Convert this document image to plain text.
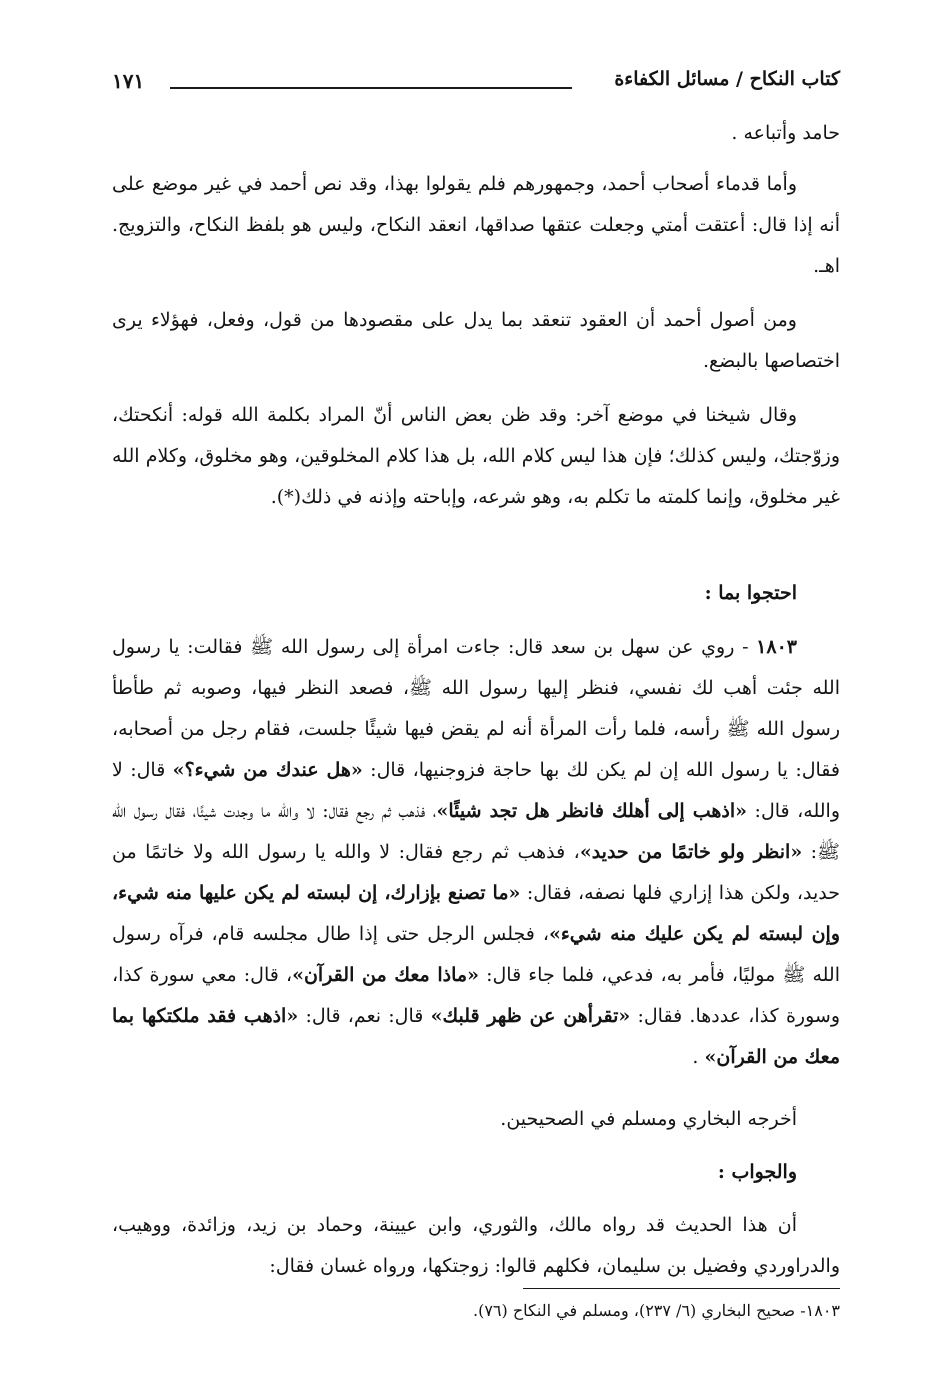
كتاب النكاح / مسائل الكفاءة
١٧١

حامد وأتباعه .

وأما قدماء أصحاب أحمد، وجمهورهم فلم يقولوا بهذا، وقد نص أحمد في غير موضع على أنه إذا قال: أعتقت أمتي وجعلت عتقها صداقها، انعقد النكاح، وليس هو بلفظ النكاح، والتزويج. اهـ.

ومن أصول أحمد أن العقود تنعقد بما يدل على مقصودها من قول، وفعل، فهؤلاء يرى اختصاصها بالبضع.

وقال شيخنا في موضع آخر: وقد ظن بعض الناس أنّ المراد بكلمة الله قوله: أنكحتك، وزوّجتك، وليس كذلك؛ فإن هذا ليس كلام الله، بل هذا كلام المخلوقين، وهو مخلوق، وكلام الله غير مخلوق، وإنما كلمته ما تكلم به، وهو شرعه، وإباحته وإذنه في ذلك(*).

احتجوا بما :

١٨٠٣ - روي عن سهل بن سعد قال: جاءت امرأة إلى رسول الله ﷺ فقالت: يا رسول الله جئت أهب لك نفسي، فنظر إليها رسول الله ﷺ، فصعد النظر فيها، وصوبه ثم طأطأ رسول الله ﷺ رأسه، فلما رأت المرأة أنه لم يقض فيها شيئًا جلست، فقام رجل من أصحابه، فقال: يا رسول الله إن لم يكن لك بها حاجة فزوجنيها، قال: «هل عندك من شيء؟» قال: لا والله، قال: «اذهب إلى أهلك فانظر هل تجد شيئًا»، فذهب ثم رجع فقال: لا والله ما وجدت شيئًا، فقال رسول الله ﷺ: «انظر ولو خاتمًا من حديد»، فذهب ثم رجع فقال: لا والله يا رسول الله ولا خاتمًا من حديد، ولكن هذا إزاري فلها نصفه، فقال: «ما تصنع بإزارك، إن لبسته لم يكن عليها منه شيء، وإن لبسته لم يكن عليك منه شيء»، فجلس الرجل حتى إذا طال مجلسه قام، فرآه رسول الله ﷺ موليًا، فأمر به، فدعي، فلما جاء قال: «ماذا معك من القرآن»، قال: معي سورة كذا، وسورة كذا، عددها. فقال: «تقرأهن عن ظهر قلبك» قال: نعم، قال: «اذهب فقد ملكتكها بما معك من القرآن» .

أخرجه البخاري ومسلم في الصحيحين.

والجواب :

أن هذا الحديث قد رواه مالك، والثوري، وابن عيينة، وحماد بن زيد، وزائدة، ووهيب، والدراوردي وفضيل بن سليمان، فكلهم قالوا: زوجتكها، ورواه غسان فقال:

١٨٠٣- صحيح البخاري (٦/ ٢٣٧)، ومسلم في النكاح (٧٦).
